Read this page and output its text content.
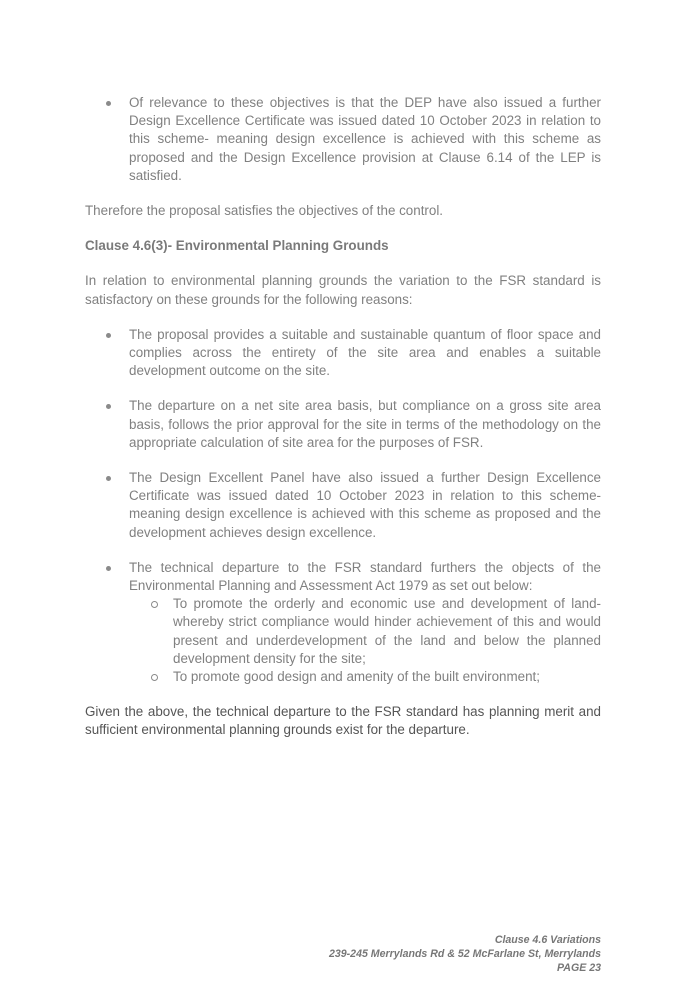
Of relevance to these objectives is that the DEP have also issued a further Design Excellence Certificate was issued dated 10 October 2023 in relation to this scheme- meaning design excellence is achieved with this scheme as proposed and the Design Excellence provision at Clause 6.14 of the LEP is satisfied.

Therefore the proposal satisfies the objectives of the control.

Clause 4.6(3)- Environmental Planning Grounds

In relation to environmental planning grounds the variation to the FSR standard is satisfactory on these grounds for the following reasons:

The proposal provides a suitable and sustainable quantum of floor space and complies across the entirety of the site area and enables a suitable development outcome on the site.

The departure on a net site area basis, but compliance on a gross site area basis, follows the prior approval for the site in terms of the methodology on the appropriate calculation of site area for the purposes of FSR.

The Design Excellent Panel have also issued a further Design Excellence Certificate was issued dated 10 October 2023 in relation to this scheme- meaning design excellence is achieved with this scheme as proposed and the development achieves design excellence.

The technical departure to the FSR standard furthers the objects of the Environmental Planning and Assessment Act 1979 as set out below:

To promote the orderly and economic use and development of land- whereby strict compliance would hinder achievement of this and would present and underdevelopment of the land and below the planned development density for the site;

To promote good design and amenity of the built environment;

Given the above, the technical departure to the FSR standard has planning merit and sufficient environmental planning grounds exist for the departure.

Clause 4.6 Variations
239-245 Merrylands Rd & 52 McFarlane St, Merrylands
PAGE 23
